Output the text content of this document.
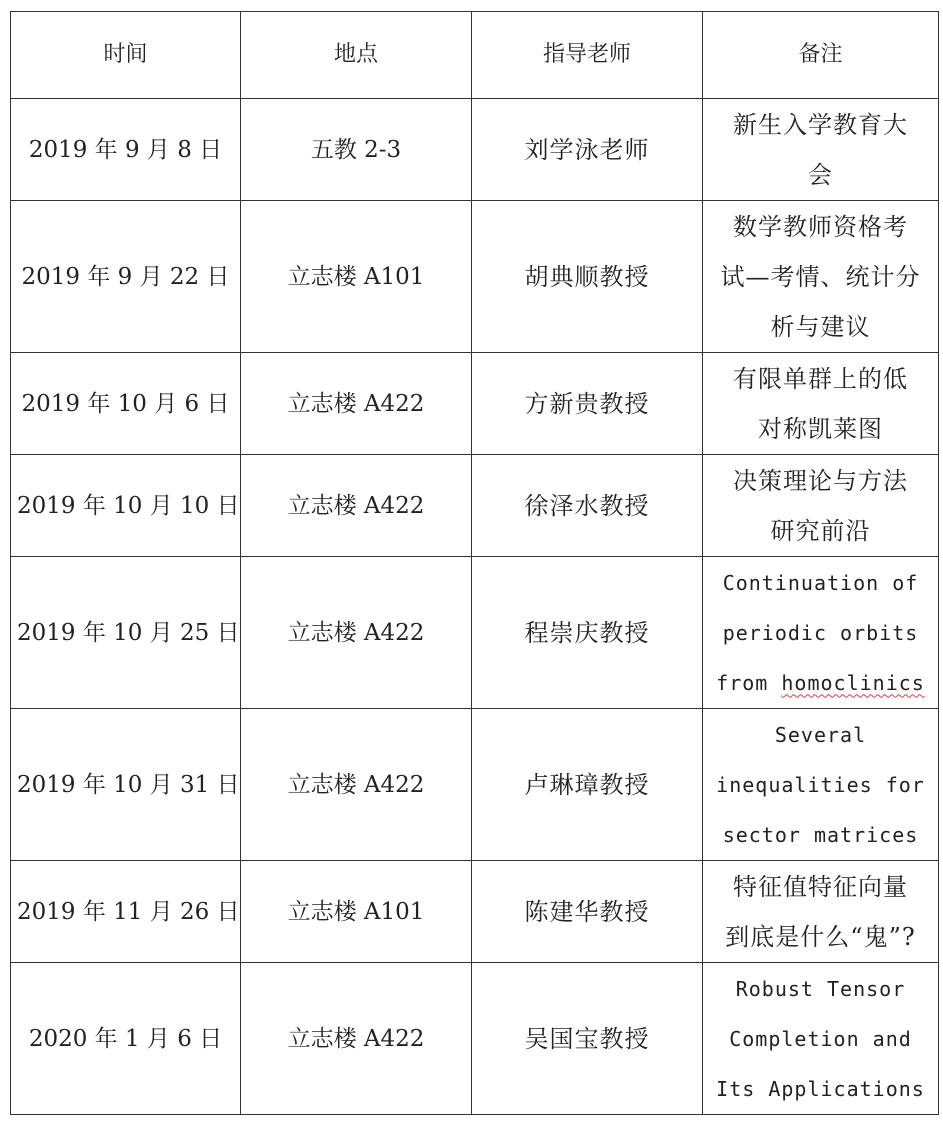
时间	地点	指导老师	备注
2019 年 9 月 8 日	五教 2-3	刘学泳老师	新生入学教育大
会

2019 年 9 月 22 日	立志楼 A101	胡典顺教授	数学教师资格考
试—考情、统计分
析与建议

2019 年 10 月 6 日	立志楼 A422	方新贵教授	有限单群上的低
对称凯莱图

2019 年 10 月 10 日	立志楼 A422	徐泽水教授	决策理论与方法
研究前沿

2019 年 10 月 25 日	立志楼 A422	程崇庆教授	Continuation of
periodic orbits
from homoclinics

2019 年 10 月 31 日	立志楼 A422	卢琳璋教授	Several
inequalities for
sector matrices

2019 年 11 月 26 日	立志楼 A101	陈建华教授	特征值特征向量
到底是什么“鬼”?

2020 年 1 月 6 日	立志楼 A422	吴国宝教授	Robust Tensor
Completion and
Its Applications
